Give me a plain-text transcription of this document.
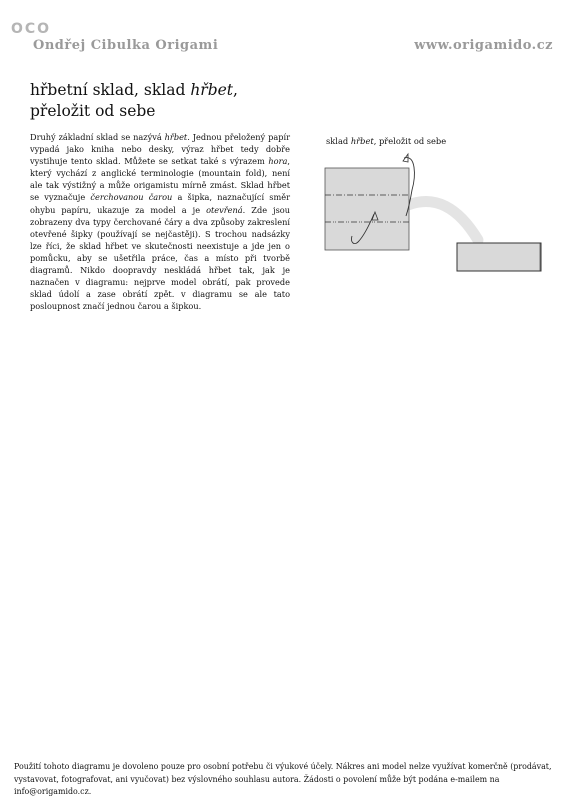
OCO
Ondřej Cibulka Origami	www.origamido.cz
hřbetní sklad, sklad hřbet,
přeložit od sebe
Druhý základní sklad se nazývá hřbet. Jednou přeložený papír vypadá jako kniha nebo desky, výraz hřbet tedy dobře vystihuje tento sklad. Můžete se setkat také s výrazem hora, který vychází z anglické terminologie (mountain fold), není ale tak výstižný a může origamistu mírně zmást. Sklad hřbet se vyznačuje čerchovanou čarou a šipka, naznačující směr ohybu papíru, ukazuje za model a je otevřená. Zde jsou zobrazeny dva typy čerchované čáry a dva způsoby zakreslení otevřené šipky (používají se nejčastěji). S trochou nadsázky lze říci, že sklad hřbet ve skutečnosti neexistuje a jde jen o pomůcku, aby se ušetřila práce, čas a místo při tvorbě diagramů. Nikdo doopravdy neskládá hřbet tak, jak je naznačen v diagramu: nejprve model obrátí, pak provede sklad údolí a zase obrátí zpět. v diagramu se ale tato posloupnost značí jednou čarou a šipkou.
sklad hřbet, přeložit od sebe
Použití tohoto diagramu je dovoleno pouze pro osobní potřebu či výukové účely. Nákres ani model nelze využívat komerčně (prodávat, vystavovat, fotografovat, ani vyučovat) bez výslovného souhlasu autora. Žádosti o povolení může být podána e-mailem na info@origamido.cz.
